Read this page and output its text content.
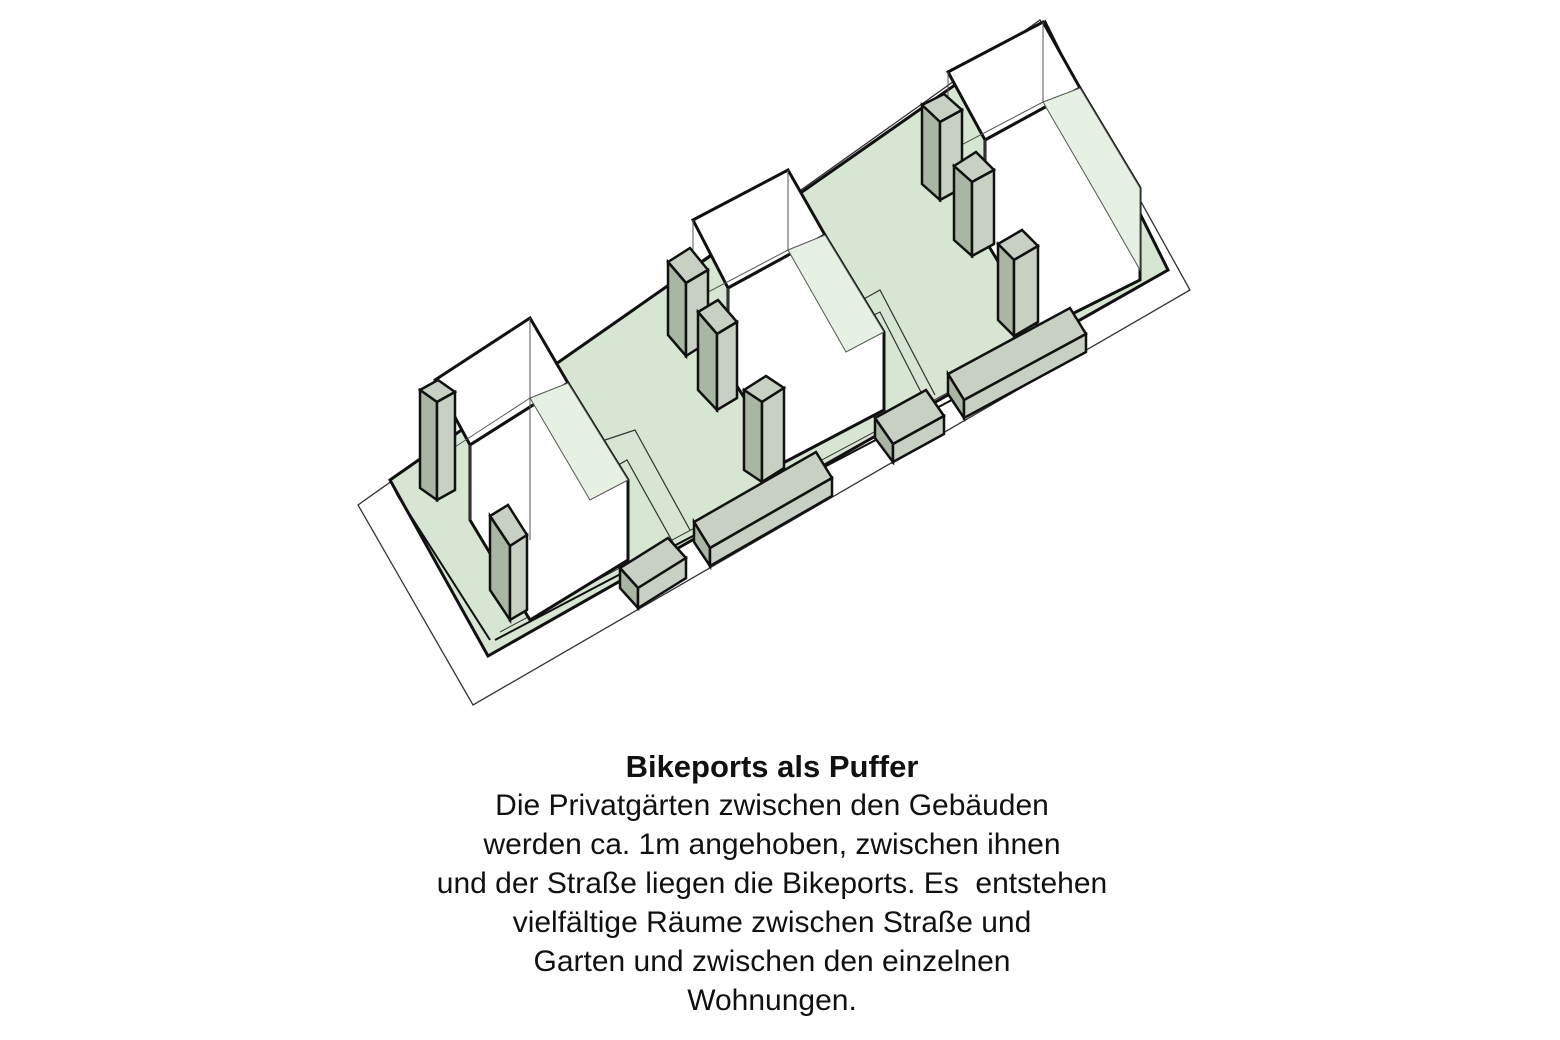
Bikeports als Puffer

Die Privatgärten zwischen den Gebäuden

werden ca. 1m angehoben, zwischen ihnen

und der Straße liegen die Bikeports. Es  entstehen

vielfältige Räume zwischen Straße und

Garten und zwischen den einzelnen

Wohnungen.
